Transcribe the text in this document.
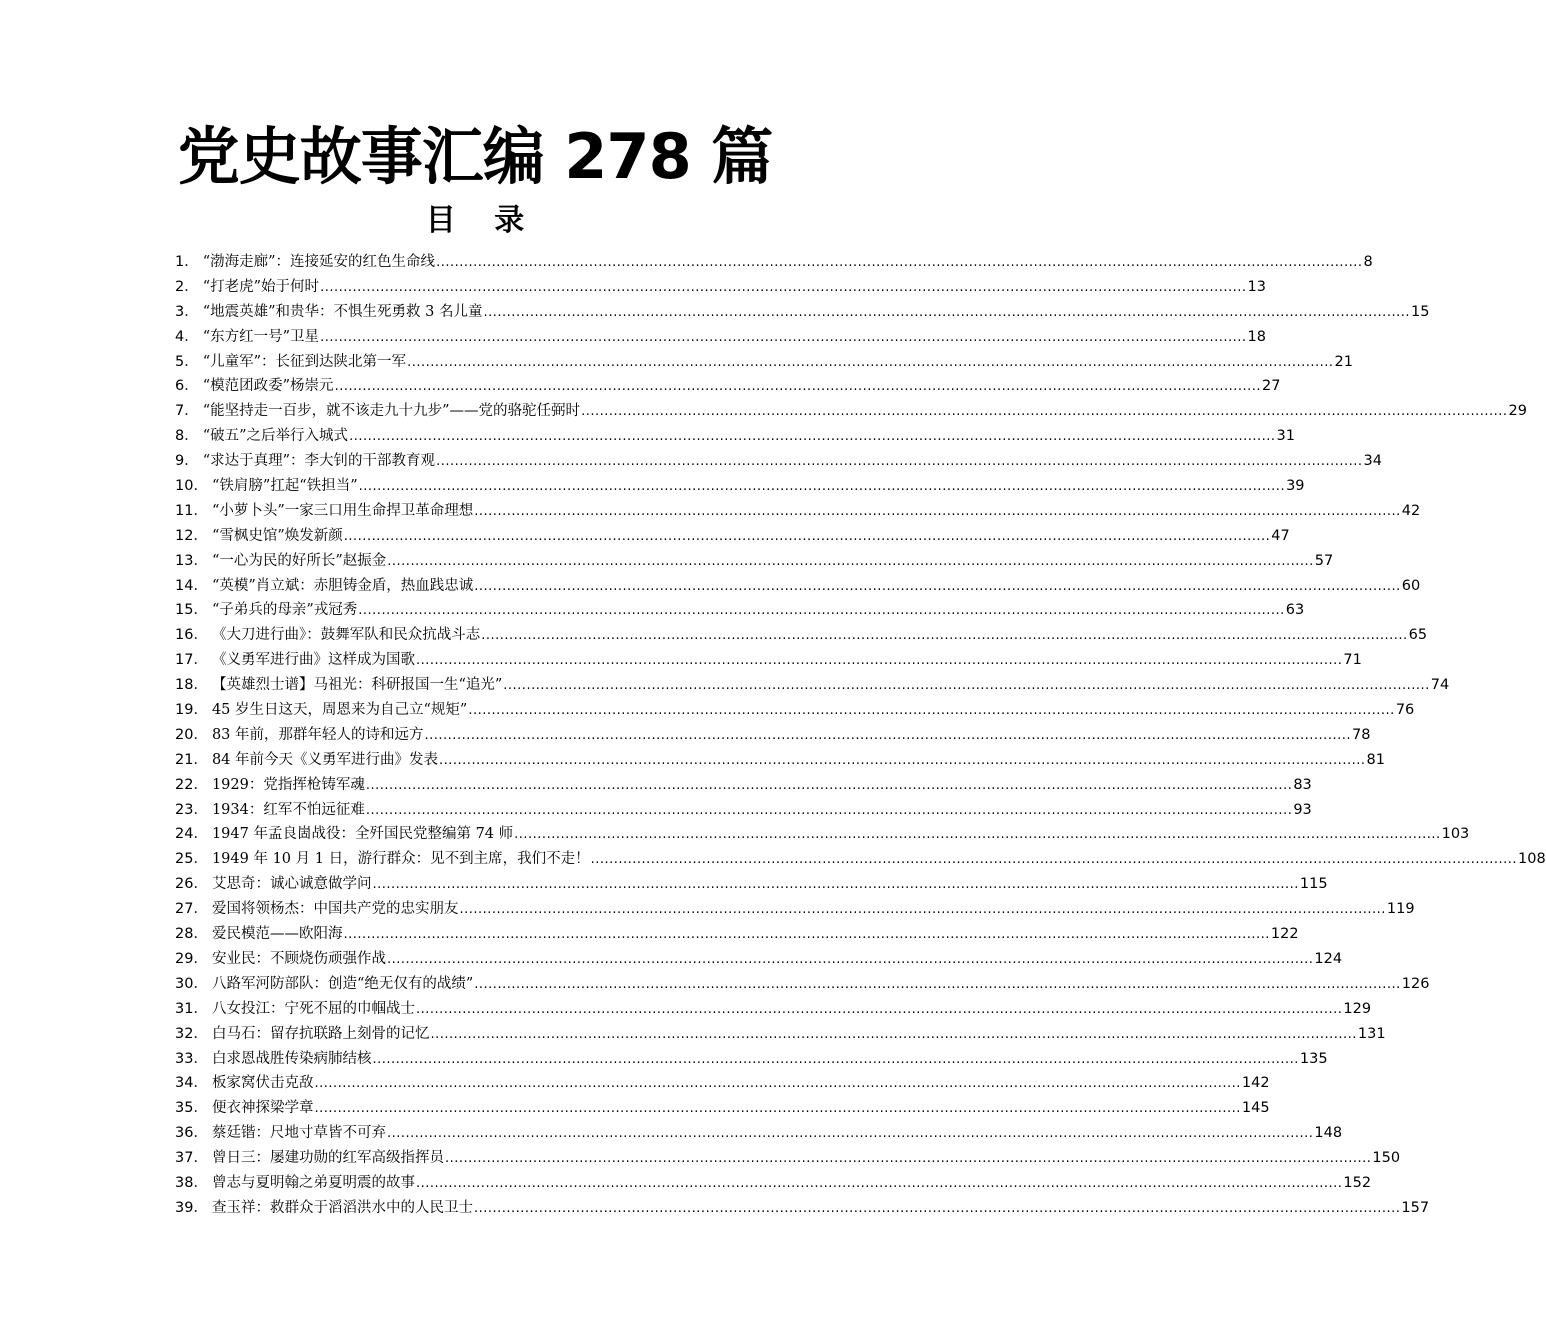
党史故事汇编 278 篇
目 录
1． “渤海走廊”：连接延安的红色生命线 .....	8
2． “打老虎”始于何时 .....	13
3． “地震英雄”和贵华：不惧生死勇救 3 名儿童 .....	15
4． “东方红一号”卫星 .....	18
5． “儿童军”：长征到达陕北第一军 .....	21
6． “模范团政委”杨崇元 .....	27
7． “能坚持走一百步，就不该走九十九步”——党的骆驼任弼时 .....	29
8． “破五”之后举行入城式 .....	31
9． “求达于真理”：李大钊的干部教育观 .....	34
10． “铁肩膀”扛起“铁担当” .....	39
11． “小萝卜头”一家三口用生命捍卫革命理想 .....	42
12． “雪枫史馆”焕发新颜 .....	47
13． “一心为民的好所长”赵振金 .....	57
14． “英模”肖立斌：赤胆铸金盾，热血践忠诚 .....	60
15． “子弟兵的母亲”戎冠秀 .....	63
16． 《大刀进行曲》：鼓舞军队和民众抗战斗志 .....	65
17． 《义勇军进行曲》这样成为国歌 .....	71
18． 【英雄烈士谱】马祖光：科研报国一生“追光” .....	74
19． 45 岁生日这天，周恩来为自己立“规矩” .....	76
20． 83 年前，那群年轻人的诗和远方 .....	78
21． 84 年前今天《义勇军进行曲》发表 .....	81
22． 1929：党指挥枪铸军魂 .....	83
23． 1934：红军不怕远征难 .....	93
24． 1947 年孟良崮战役：全歼国民党整编第 74 师 .....	103
25． 1949 年 10 月 1 日，游行群众：见不到主席，我们不走！ .....	108
26． 艾思奇：诚心诚意做学问 .....	115
27． 爱国将领杨杰：中国共产党的忠实朋友 .....	119
28． 爱民模范——欧阳海 .....	122
29． 安业民：不顾烧伤顽强作战 .....	124
30． 八路军河防部队：创造“绝无仅有的战绩” .....	126
31． 八女投江：宁死不屈的巾帼战士 .....	129
32． 白马石：留存抗联路上刻骨的记忆 .....	131
33． 白求恩战胜传染病肺结核 .....	135
34． 板家窝伏击克敌 .....	142
35． 便衣神探梁学章 .....	145
36． 蔡廷锴：尺地寸草皆不可弃 .....	148
37． 曾日三：屡建功勋的红军高级指挥员 .....	150
38． 曾志与夏明翰之弟夏明震的故事 .....	152
39． 查玉祥：救群众于滔滔洪水中的人民卫士 .....	157
